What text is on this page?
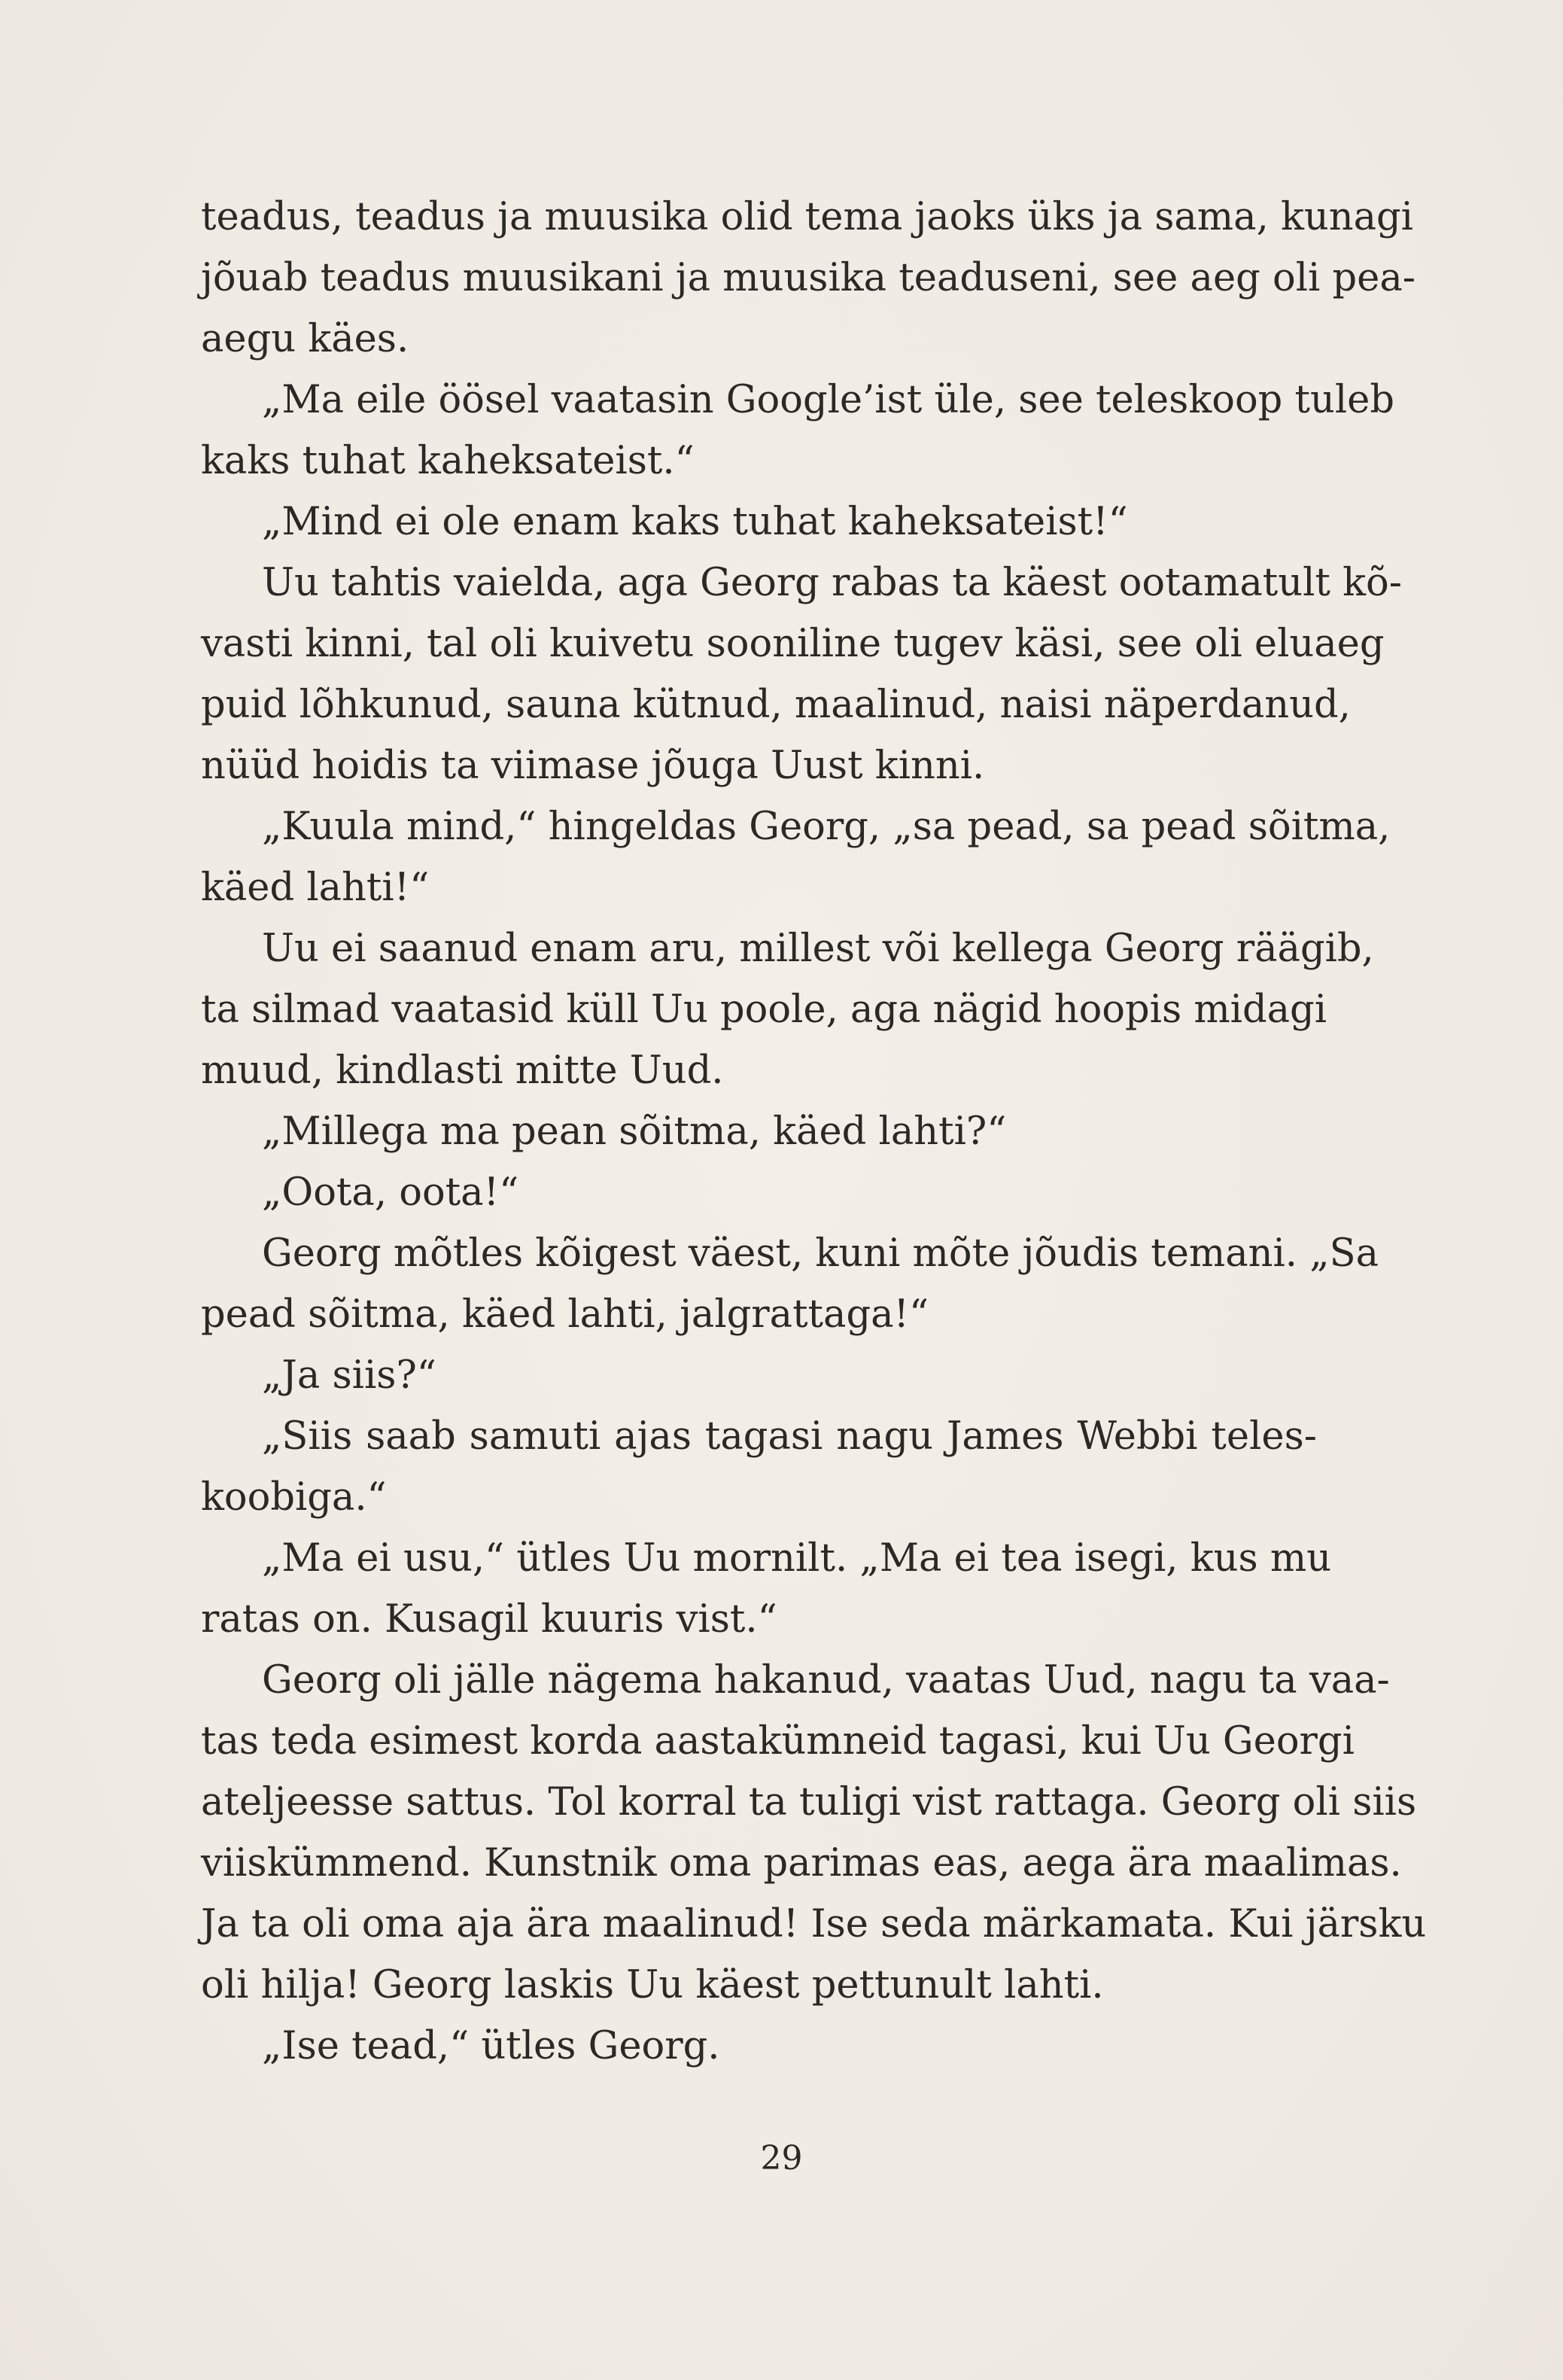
teadus, teadus ja muusika olid tema jaoks üks ja sama, kunagi
jõuab teadus muusikani ja muusika teaduseni, see aeg oli pea-
aegu käes.
„Ma eile öösel vaatasin Google’ist üle, see teleskoop tuleb
kaks tuhat kaheksateist.“
„Mind ei ole enam kaks tuhat kaheksateist!“
Uu tahtis vaielda, aga Georg rabas ta käest ootamatult kõ-
vasti kinni, tal oli kuivetu sooniline tugev käsi, see oli eluaeg
puid lõhkunud, sauna kütnud, maalinud, naisi näperdanud,
nüüd hoidis ta viimase jõuga Uust kinni.
„Kuula mind,“ hingeldas Georg, „sa pead, sa pead sõitma,
käed lahti!“
Uu ei saanud enam aru, millest või kellega Georg räägib,
ta silmad vaatasid küll Uu poole, aga nägid hoopis midagi
muud, kindlasti mitte Uud.
„Millega ma pean sõitma, käed lahti?“
„Oota, oota!“
Georg mõtles kõigest väest, kuni mõte jõudis temani. „Sa
pead sõitma, käed lahti, jalgrattaga!“
„Ja siis?“
„Siis saab samuti ajas tagasi nagu James Webbi teles-
koobiga.“
„Ma ei usu,“ ütles Uu mornilt. „Ma ei tea isegi, kus mu
ratas on. Kusagil kuuris vist.“
Georg oli jälle nägema hakanud, vaatas Uud, nagu ta vaa-
tas teda esimest korda aastakümneid tagasi, kui Uu Georgi
ateljeesse sattus. Tol korral ta tuligi vist rattaga. Georg oli siis
viiskümmend. Kunstnik oma parimas eas, aega ära maalimas.
Ja ta oli oma aja ära maalinud! Ise seda märkamata. Kui järsku
oli hilja! Georg laskis Uu käest pettunult lahti.
„Ise tead,“ ütles Georg.
29
